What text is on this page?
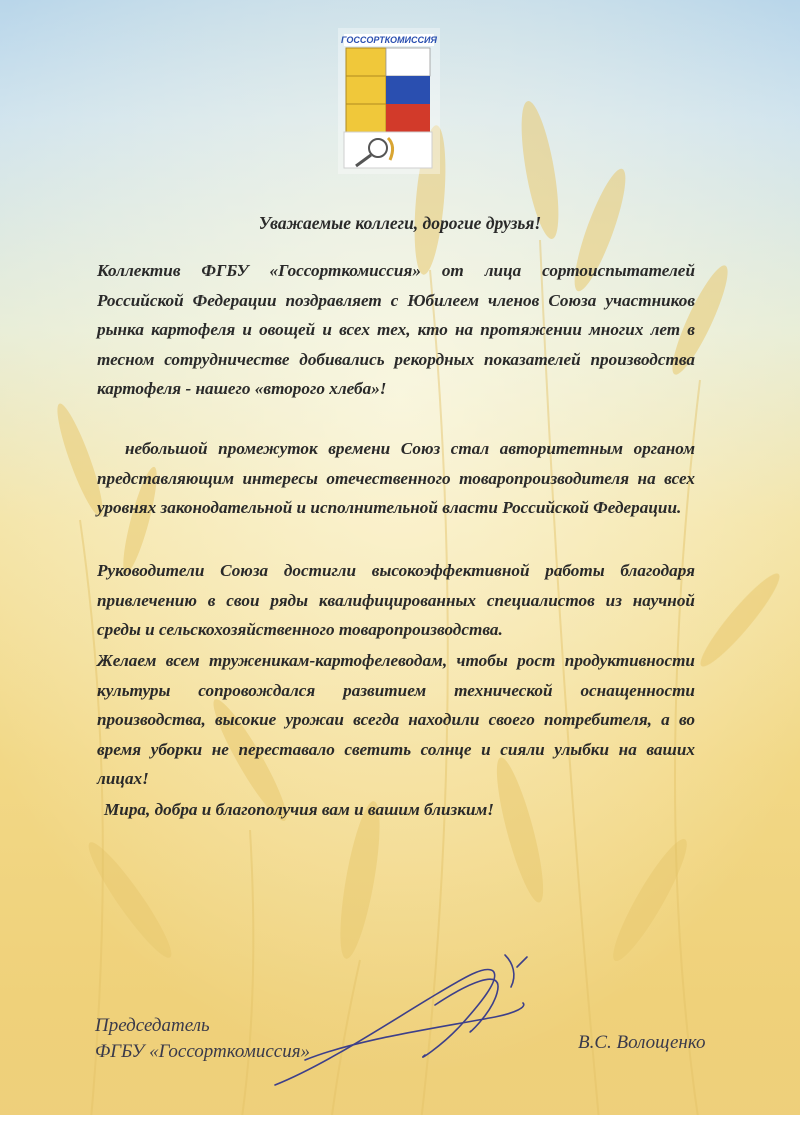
ГОССОРТКОМИССИЯ
Уважаемые коллеги, дорогие друзья!
Коллектив ФГБУ «Госсорткомиссия» от лица сортоиспытателей Российской Федерации поздравляет с Юбилеем членов Союза участников рынка картофеля и овощей и всех тех, кто на протяжении многих лет в тесном сотрудничестве добивались рекордных показателей производства картофеля - нашего «второго хлеба»!
небольшой промежуток времени Союз стал авторитетным органом представляющим интересы отечественного товаропроизводителя на всех уровнях законодательной и исполнительной власти Российской Федерации.
Руководители Союза достигли высокоэффективной работы благодаря привлечению в свои ряды квалифицированных специалистов из научной среды и сельскохозяйственного товаропроизводства.
Желаем всем труженикам-картофелеводам, чтобы рост продуктивности культуры сопровождался развитием технической оснащенности производства, высокие урожаи всегда находили своего потребителя, а во время уборки не переставало светить солнце и сияли улыбки на ваших лицах!
Мира, добра и благополучия вам и вашим близким!
Председатель
ФГБУ «Госсорткомиссия»	В.С. Волощенко
